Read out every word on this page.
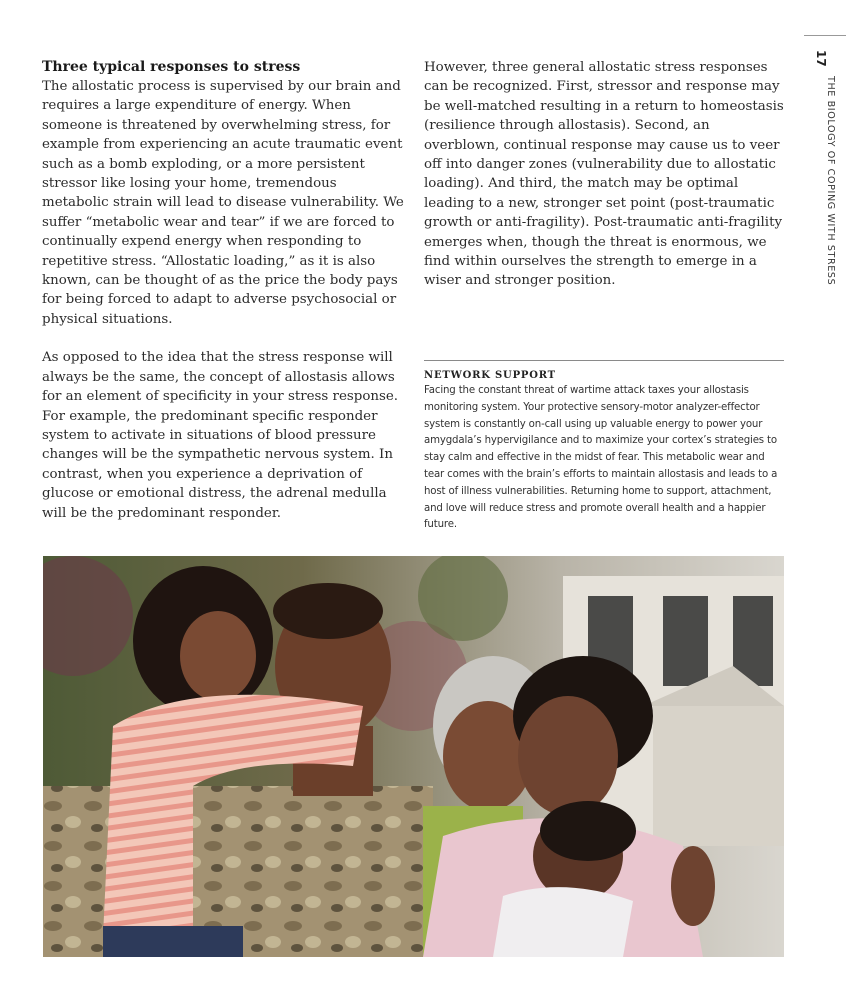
17
THE BIOLOGY OF COPING WITH STRESS
Three typical responses to stress

The allostatic process is supervised by our brain and requires a large expenditure of energy. When someone is threatened by overwhelming stress, for example from experiencing an acute traumatic event such as a bomb exploding, or a more persistent stressor like losing your home, tremendous metabolic strain will lead to disease vulnerability. We suffer “metabolic wear and tear” if we are forced to continually expend energy when responding to repetitive stress. “Allostatic loading,” as it is also known, can be thought of as the price the body pays for being forced to adapt to adverse psychosocial or physical situations.

As opposed to the idea that the stress response will always be the same, the concept of allostasis allows for an element of specificity in your stress response. For example, the predominant specific responder system to activate in situations of blood pressure changes will be the sympathetic nervous system. In contrast, when you experience a deprivation of glucose or emotional distress, the adrenal medulla will be the predominant responder.

However, three general allostatic stress responses can be recognized. First, stressor and response may be well-matched resulting in a return to homeostasis (resilience through allostasis). Second, an overblown, continual response may cause us to veer off into danger zones (vulnerability due to allostatic loading). And third, the match may be optimal leading to a new, stronger set point (post-traumatic growth or anti-fragility). Post-traumatic anti-fragility emerges when, though the threat is enormous, we find within ourselves the strength to emerge in a wiser and stronger position.

NETWORK SUPPORT

Facing the constant threat of wartime attack taxes your allostasis monitoring system. Your protective sensory-motor analyzer-effector system is constantly on-call using up valuable energy to power your amygdala’s hypervigilance and to maximize your cortex’s strategies to stay calm and effective in the midst of fear. This metabolic wear and tear comes with the brain’s efforts to maintain allostasis and leads to a host of illness vulnerabilities. Returning home to support, attachment, and love will reduce stress and promote overall health and a happier future.
